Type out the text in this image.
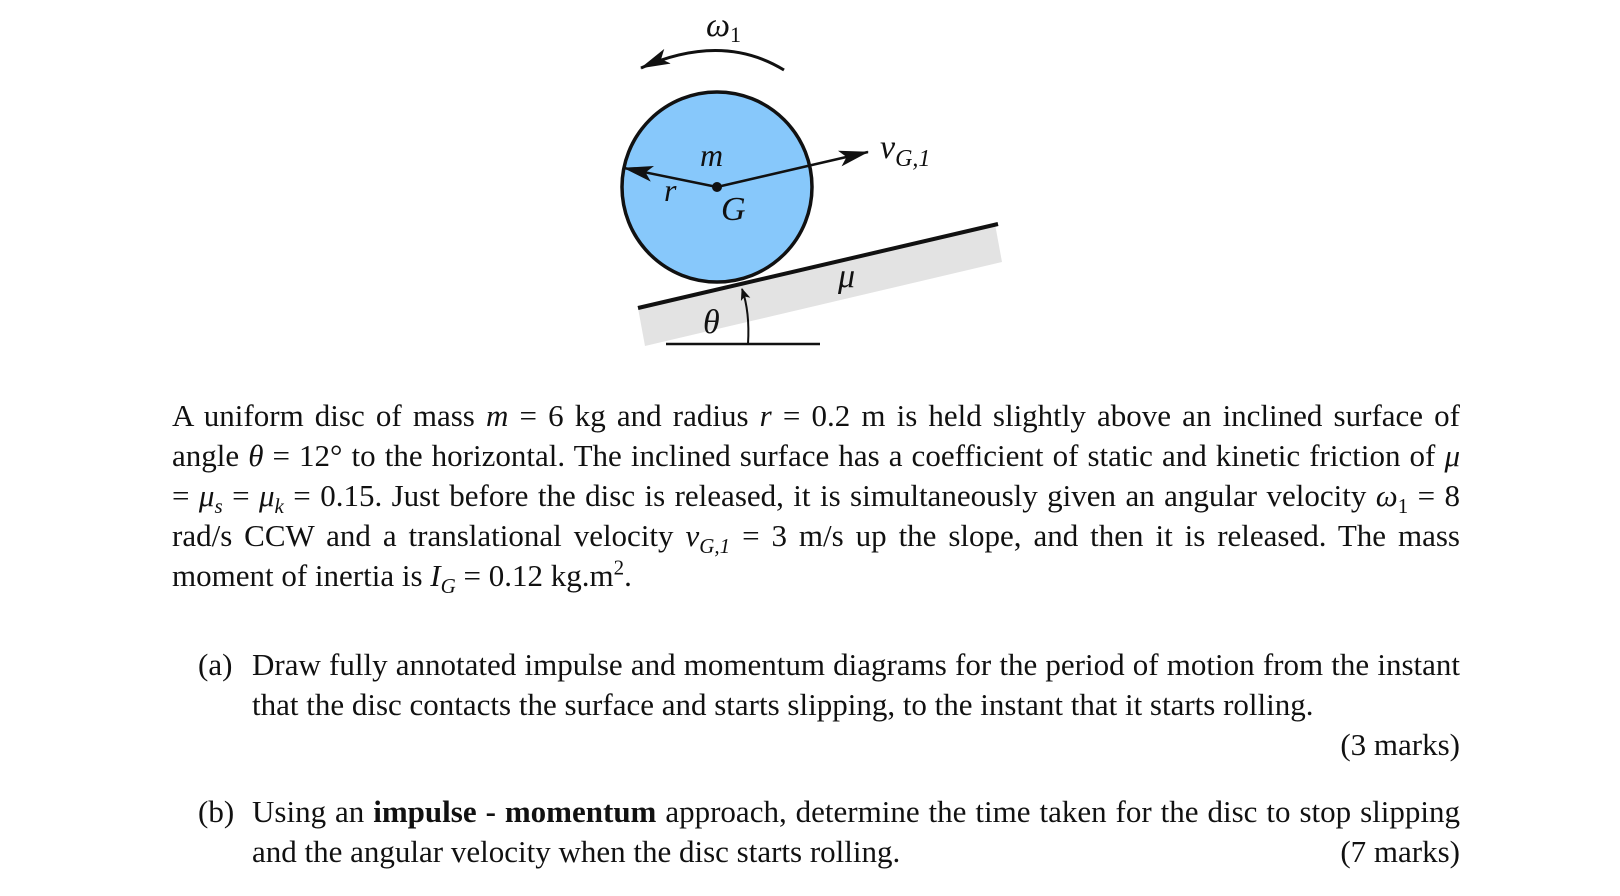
ω1
m
r
G
$v_{G,1}$
μ
θ
A uniform disc of mass m = 6 kg and radius r = 0.2 m is held slightly above an inclined surface of angle θ = 12° to the horizontal. The inclined surface has a coefficient of static and kinetic friction of $\mu = \mu_s = \mu_k = 0.15$. Just before the disc is released, it is simultaneously given an angular velocity $\omega_1 = 8$ rad/s CCW and a translational velocity $v_{G,1} = 3$ m/s up the slope, and then it is released. The mass moment of inertia is $I_G = 0.12$ $kg.m^2$.
(a) Draw fully annotated impulse and momentum diagrams for the period of motion from the instant that the disc contacts the surface and starts slipping, to the instant that it starts rolling.
(3 marks)
(b) Using an impulse - momentum approach, determine the time taken for the disc to stop slipping and the angular velocity when the disc starts rolling.	(7 marks)
